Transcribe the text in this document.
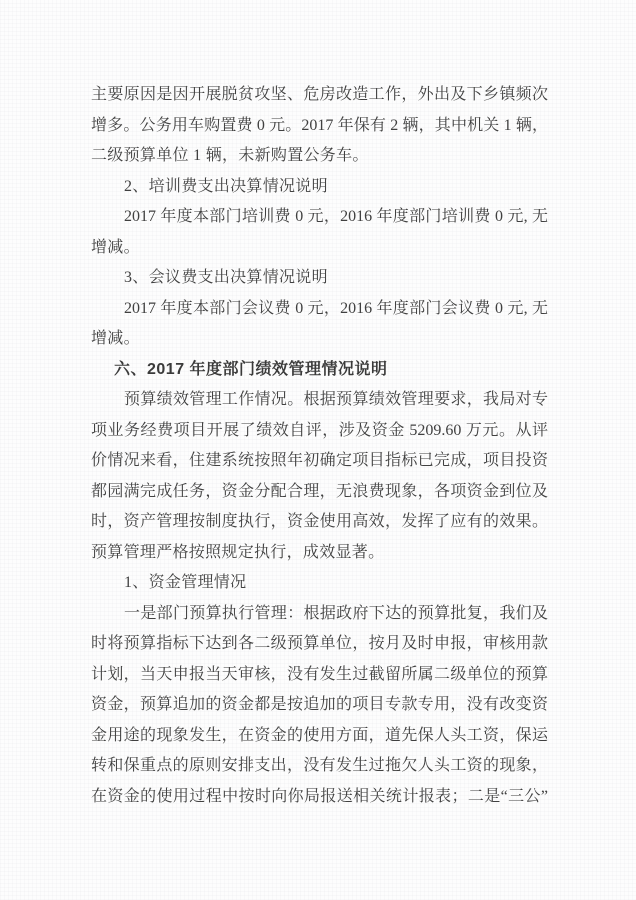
主要原因是因开展脱贫攻坚、危房改造工作，外出及下乡镇频次
增多。公务用车购置费 0 元。2017 年保有 2 辆，其中机关 1 辆，
二级预算单位 1 辆，未新购置公务车。
2、培训费支出决算情况说明
2017 年度本部门培训费 0 元，2016 年度部门培训费 0 元, 无
增减。
3、会议费支出决算情况说明
2017 年度本部门会议费 0 元，2016 年度部门会议费 0 元, 无
增减。
六、2017 年度部门绩效管理情况说明
预算绩效管理工作情况。根据预算绩效管理要求，我局对专
项业务经费项目开展了绩效自评，涉及资金 5209.60 万元。从评
价情况来看，住建系统按照年初确定项目指标已完成，项目投资
都园满完成任务，资金分配合理，无浪费现象，各项资金到位及
时，资产管理按制度执行，资金使用高效，发挥了应有的效果。
预算管理严格按照规定执行，成效显著。
1、资金管理情况
一是部门预算执行管理：根据政府下达的预算批复，我们及
时将预算指标下达到各二级预算单位，按月及时申报，审核用款
计划，当天申报当天审核，没有发生过截留所属二级单位的预算
资金，预算追加的资金都是按追加的项目专款专用，没有改变资
金用途的现象发生，在资金的使用方面，道先保人头工资，保运
转和保重点的原则安排支出，没有发生过拖欠人头工资的现象，
在资金的使用过程中按时向你局报送相关统计报表；二是“三公”
